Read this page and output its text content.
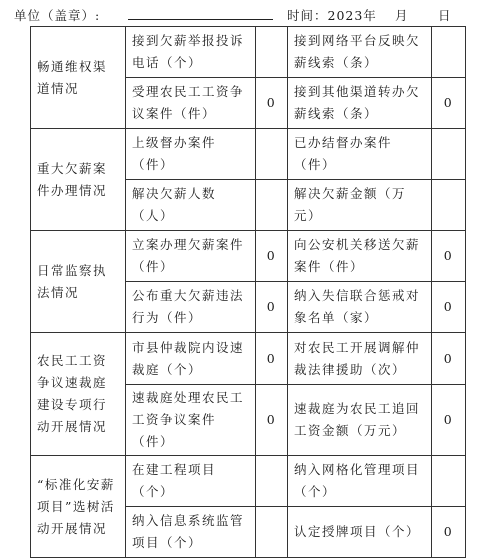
单位（盖章）:	时间：2023年 月 日
畅通维权渠道情况	接到欠薪举报投诉电话（个）		接到网络平台反映欠薪线索（条）	
	受理农民工工资争议案件（件）	0	接到其他渠道转办欠薪线索（条）	0
重大欠薪案件办理情况	上级督办案件（件）		已办结督办案件（件）	
	解决欠薪人数（人）		解决欠薪金额（万元）	
日常监察执法情况	立案办理欠薪案件（件）	0	向公安机关移送欠薪案件（件）	0
	公布重大欠薪违法行为（件）	0	纳入失信联合惩戒对象名单（家）	0
农民工工资争议速裁庭建设专项行动开展情况	市县仲裁院内设速裁庭（个）	0	对农民工开展调解仲裁法律援助（次）	0
	速裁庭处理农民工工资争议案件（件）	0	速裁庭为农民工追回工资金额（万元）	0
“标准化安薪项目”选树活动开展情况	在建工程项目（个）		纳入网格化管理项目（个）	
	纳入信息系统监管项目（个）		认定授牌项目（个）	0
